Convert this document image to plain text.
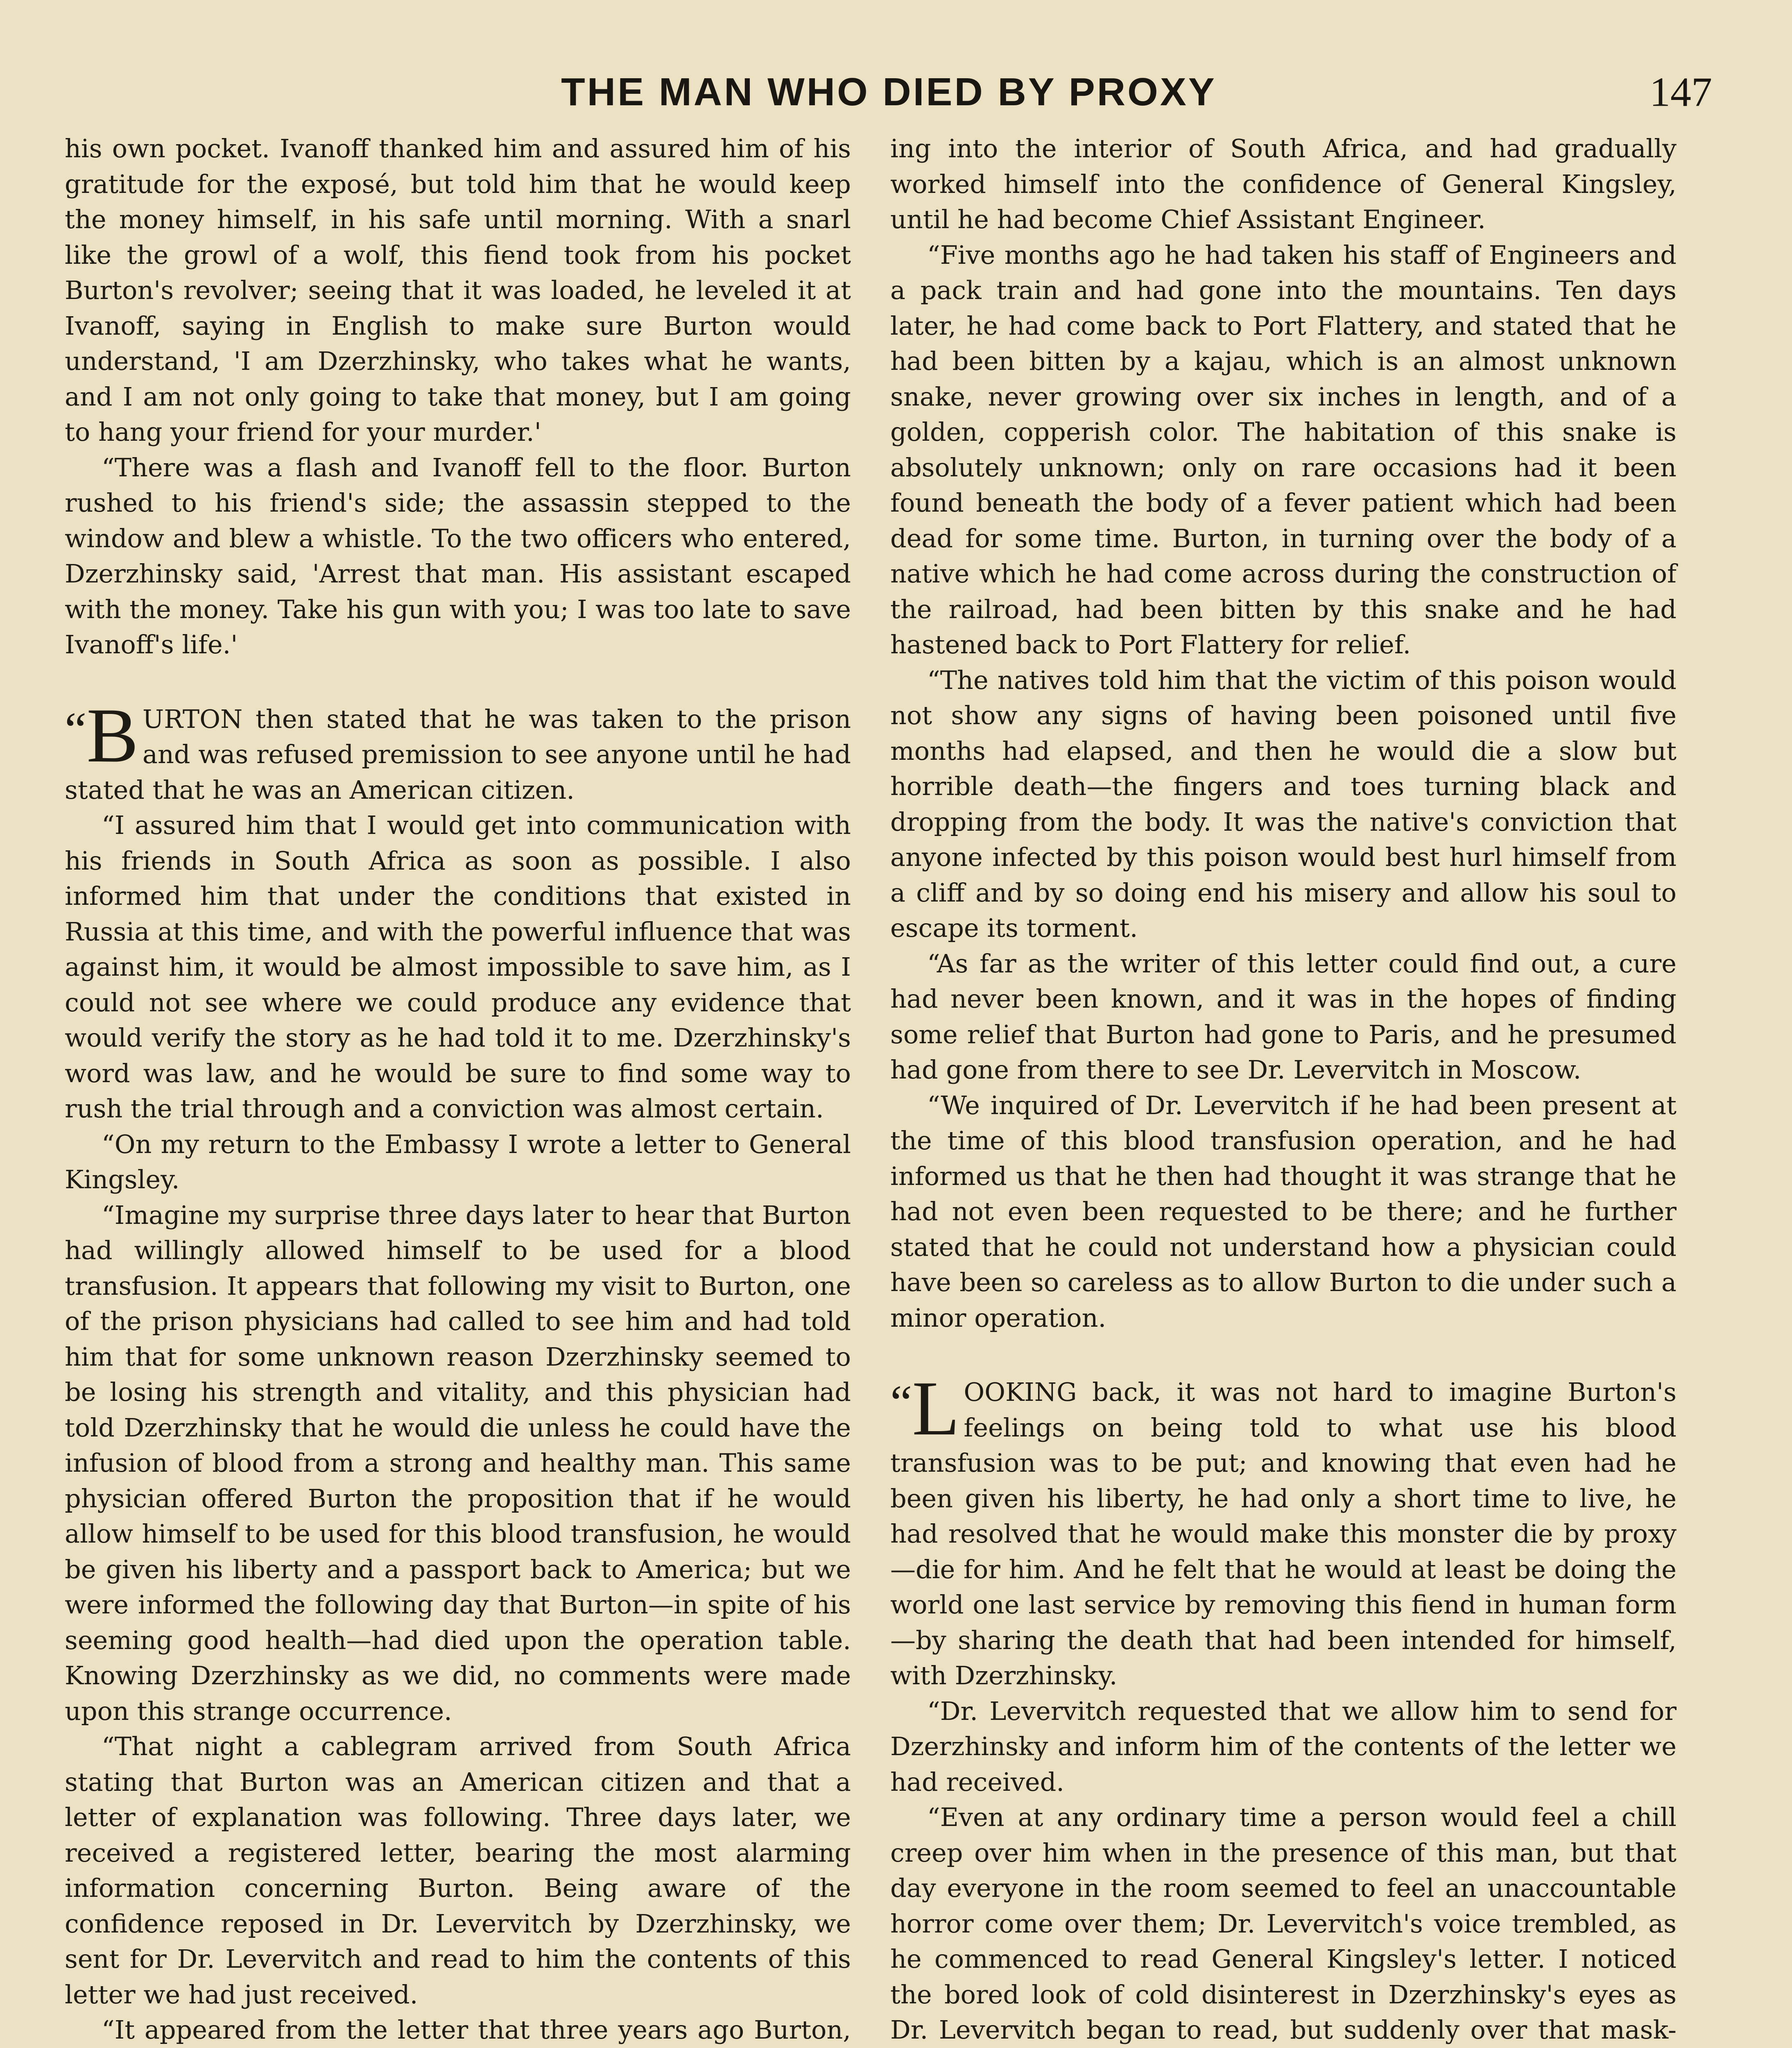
THE MAN WHO DIED BY PROXY	147

his own pocket. Ivanoff thanked him and assured him of his gratitude for the exposé, but told him that he would keep the money himself, in his safe until morning. With a snarl like the growl of a wolf, this fiend took from his pocket Burton's revolver; seeing that it was loaded, he leveled it at Ivanoff, saying in English to make sure Burton would understand, 'I am Dzerzhinsky, who takes what he wants, and I am not only going to take that money, but I am going to hang your friend for your murder.'

“There was a flash and Ivanoff fell to the floor. Burton rushed to his friend's side; the assassin stepped to the window and blew a whistle. To the two officers who entered, Dzerzhinsky said, 'Arrest that man. His assistant escaped with the money. Take his gun with you; I was too late to save Ivanoff's life.'

“B URTON then stated that he was taken to the prison and was refused premission to see anyone until he had stated that he was an American citizen.

“I assured him that I would get into communication with his friends in South Africa as soon as possible. I also informed him that under the conditions that existed in Russia at this time, and with the powerful influence that was against him, it would be almost impossible to save him, as I could not see where we could produce any evidence that would verify the story as he had told it to me. Dzerzhinsky's word was law, and he would be sure to find some way to rush the trial through and a conviction was almost certain.

“On my return to the Embassy I wrote a letter to General Kingsley.

“Imagine my surprise three days later to hear that Burton had willingly allowed himself to be used for a blood transfusion. It appears that following my visit to Burton, one of the prison physicians had called to see him and had told him that for some unknown reason Dzerzhinsky seemed to be losing his strength and vitality, and this physician had told Dzerzhinsky that he would die unless he could have the infusion of blood from a strong and healthy man. This same physician offered Burton the proposition that if he would allow himself to be used for this blood transfusion, he would be given his liberty and a passport back to America; but we were informed the following day that Burton—in spite of his seeming good health—had died upon the operation table. Knowing Dzerzhinsky as we did, no comments were made upon this strange occurrence.

“That night a cablegram arrived from South Africa stating that Burton was an American citizen and that a letter of explanation was following. Three days later, we received a registered letter, bearing the most alarming information concerning Burton. Being aware of the confidence reposed in Dr. Levervitch by Dzerzhinsky, we sent for Dr. Levervitch and read to him the contents of this letter we had just received.

“It appeared from the letter that three years ago Burton,

ing into the interior of South Africa, and had gradually worked himself into the confidence of General Kingsley, until he had become Chief Assistant Engineer.

“Five months ago he had taken his staff of Engineers and a pack train and had gone into the mountains. Ten days later, he had come back to Port Flattery, and stated that he had been bitten by a kajau, which is an almost unknown snake, never growing over six inches in length, and of a golden, copperish color. The habitation of this snake is absolutely unknown; only on rare occasions had it been found beneath the body of a fever patient which had been dead for some time. Burton, in turning over the body of a native which he had come across during the construction of the railroad, had been bitten by this snake and he had hastened back to Port Flattery for relief.

“The natives told him that the victim of this poison would not show any signs of having been poisoned until five months had elapsed, and then he would die a slow but horrible death—the fingers and toes turning black and dropping from the body. It was the native's conviction that anyone infected by this poison would best hurl himself from a cliff and by so doing end his misery and allow his soul to escape its torment.

“As far as the writer of this letter could find out, a cure had never been known, and it was in the hopes of finding some relief that Burton had gone to Paris, and he presumed had gone from there to see Dr. Levervitch in Moscow.

“We inquired of Dr. Levervitch if he had been present at the time of this blood transfusion operation, and he had informed us that he then had thought it was strange that he had not even been requested to be there; and he further stated that he could not understand how a physician could have been so careless as to allow Burton to die under such a minor operation.

“L OOKING back, it was not hard to imagine Burton's feelings on being told to what use his blood transfusion was to be put; and knowing that even had he been given his liberty, he had only a short time to live, he had resolved that he would make this monster die by proxy—die for him. And he felt that he would at least be doing the world one last service by removing this fiend in human form—by sharing the death that had been intended for himself, with Dzerzhinsky.

“Dr. Levervitch requested that we allow him to send for Dzerzhinsky and inform him of the contents of the letter we had received.

“Even at any ordinary time a person would feel a chill creep over him when in the presence of this man, but that day everyone in the room seemed to feel an unaccountable horror come over them; Dr. Levervitch's voice trembled, as he commenced to read General Kingsley's letter. I noticed the bored look of cold disinterest in Dzerzhinsky's eyes as Dr. Levervitch began to read, but suddenly over that mask-
